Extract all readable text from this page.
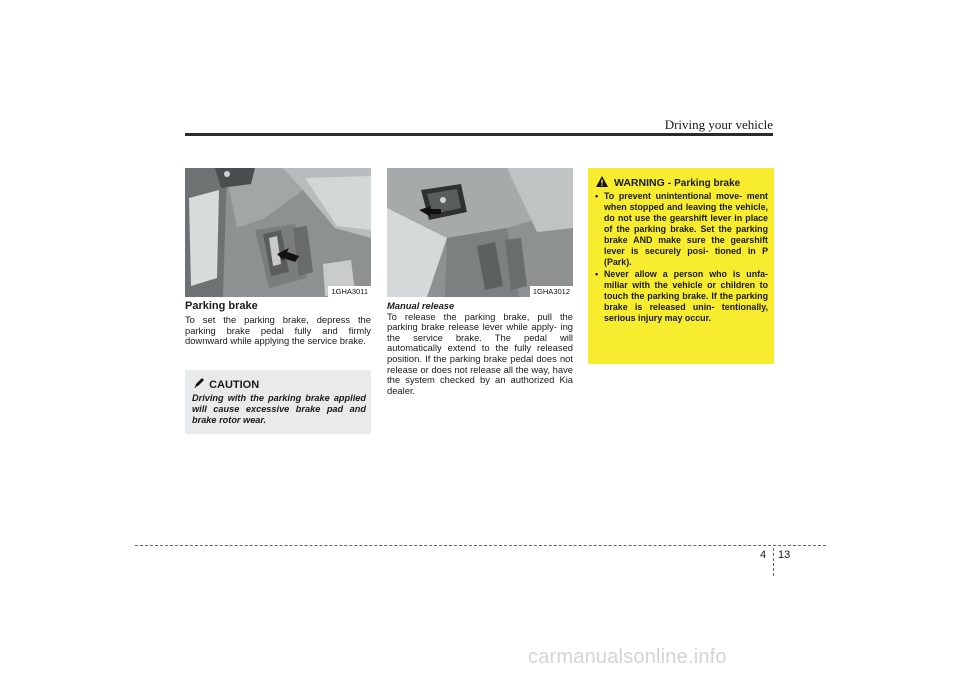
Driving your vehicle
1GHA3011	1GHA3012

Parking brake

To set the parking brake, depress the parking brake pedal fully and firmly downward while applying the service brake.

CAUTION
Driving with the parking brake applied will cause excessive brake pad and brake rotor wear.

Manual release

To release the parking brake, pull the parking brake release lever while apply- ing the service brake. The pedal will automatically extend to the fully released position. If the parking brake pedal does not release or does not release all the way, have the system checked by an authorized Kia dealer.

WARNING - Parking brake
• To prevent unintentional move- ment when stopped and leaving the vehicle, do not use the gearshift lever in place of the parking brake. Set the parking brake AND make sure the gearshift lever is securely posi- tioned in P (Park).
• Never allow a person who is unfa- miliar with the vehicle or children to touch the parking brake. If the parking brake is released unin- tentionally, serious injury may occur.
4 13
carmanualsonline.info
